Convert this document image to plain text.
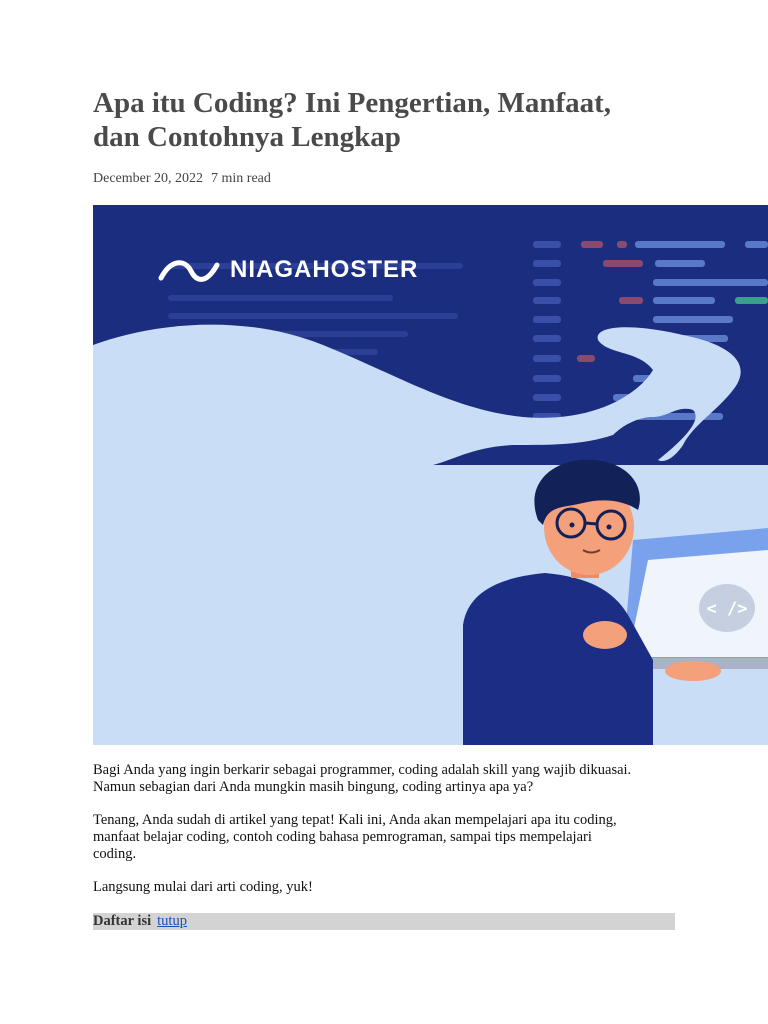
Apa itu Coding? Ini Pengertian, Manfaat,
dan Contohnya Lengkap

December 20, 2022 7 min read

NIAGAHOSTER
< />

Bagi Anda yang ingin berkarir sebagai programmer, coding adalah skill yang wajib dikuasai.
Namun sebagian dari Anda mungkin masih bingung, coding artinya apa ya?

Tenang, Anda sudah di artikel yang tepat! Kali ini, Anda akan mempelajari apa itu coding,
manfaat belajar coding, contoh coding bahasa pemrograman, sampai tips mempelajari
coding.

Langsung mulai dari arti coding, yuk!

Daftar isi tutup
